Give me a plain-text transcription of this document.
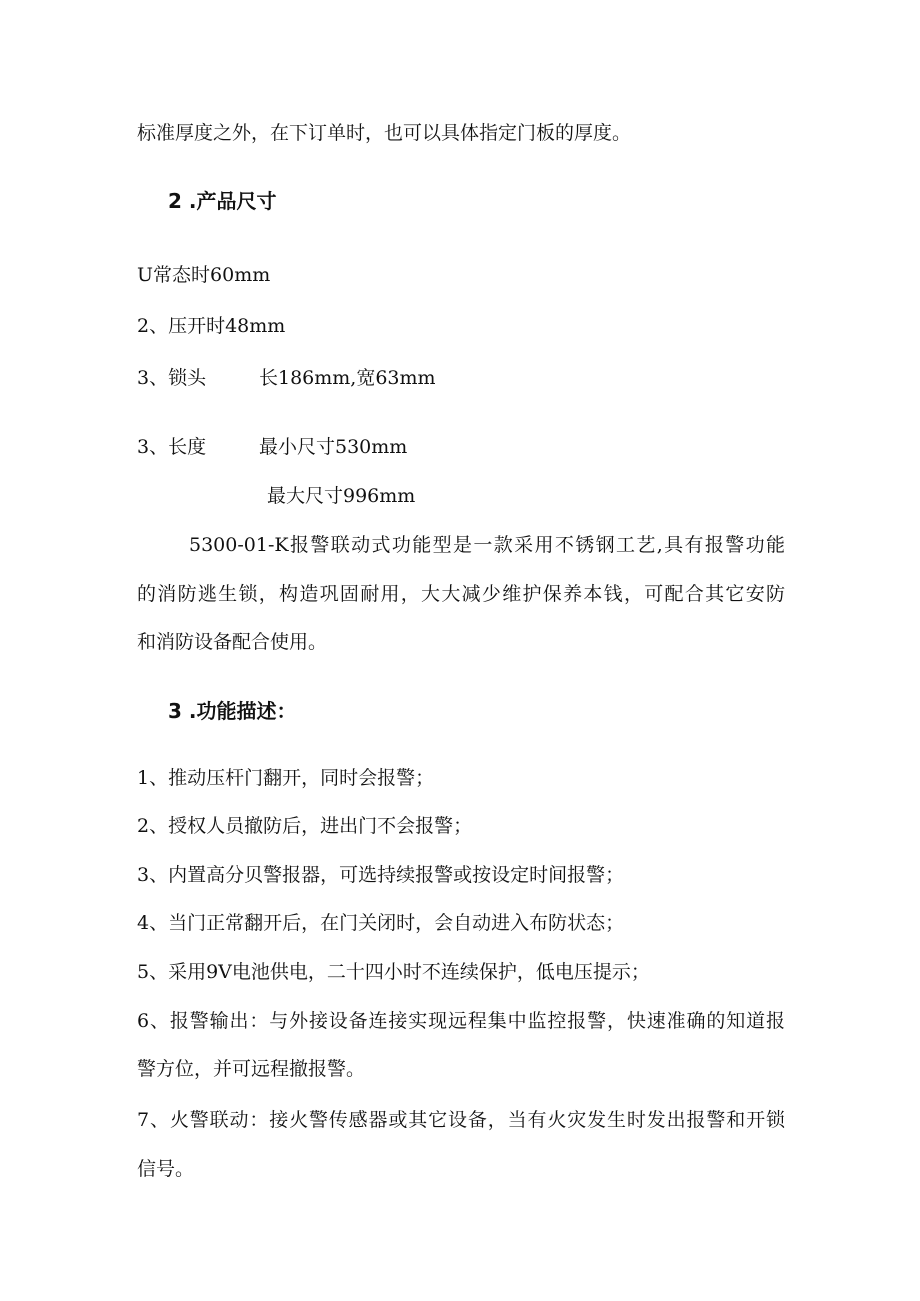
标准厚度之外，在下订单时，也可以具体指定门板的厚度。
2 .产品尺寸
U常态时60mm
2、压开时48mm
3、锁头	长186mm,宽63mm
3、长度	最小尺寸530mm
最大尺寸996mm
5300-01-K报警联动式功能型是一款采用不锈钢工艺,具有报警功能
的消防逃生锁，构造巩固耐用，大大减少维护保养本钱，可配合其它安防
和消防设备配合使用。
3 .功能描述：
1、推动压杆门翻开，同时会报警；
2、授权人员撤防后，进出门不会报警；
3、内置高分贝警报器，可选持续报警或按设定时间报警；
4、当门正常翻开后，在门关闭时，会自动进入布防状态；
5、采用9V电池供电，二十四小时不连续保护，低电压提示；
6、报警输出：与外接设备连接实现远程集中监控报警，快速准确的知道报
警方位，并可远程撤报警。
7、火警联动：接火警传感器或其它设备，当有火灾发生时发出报警和开锁
信号。
